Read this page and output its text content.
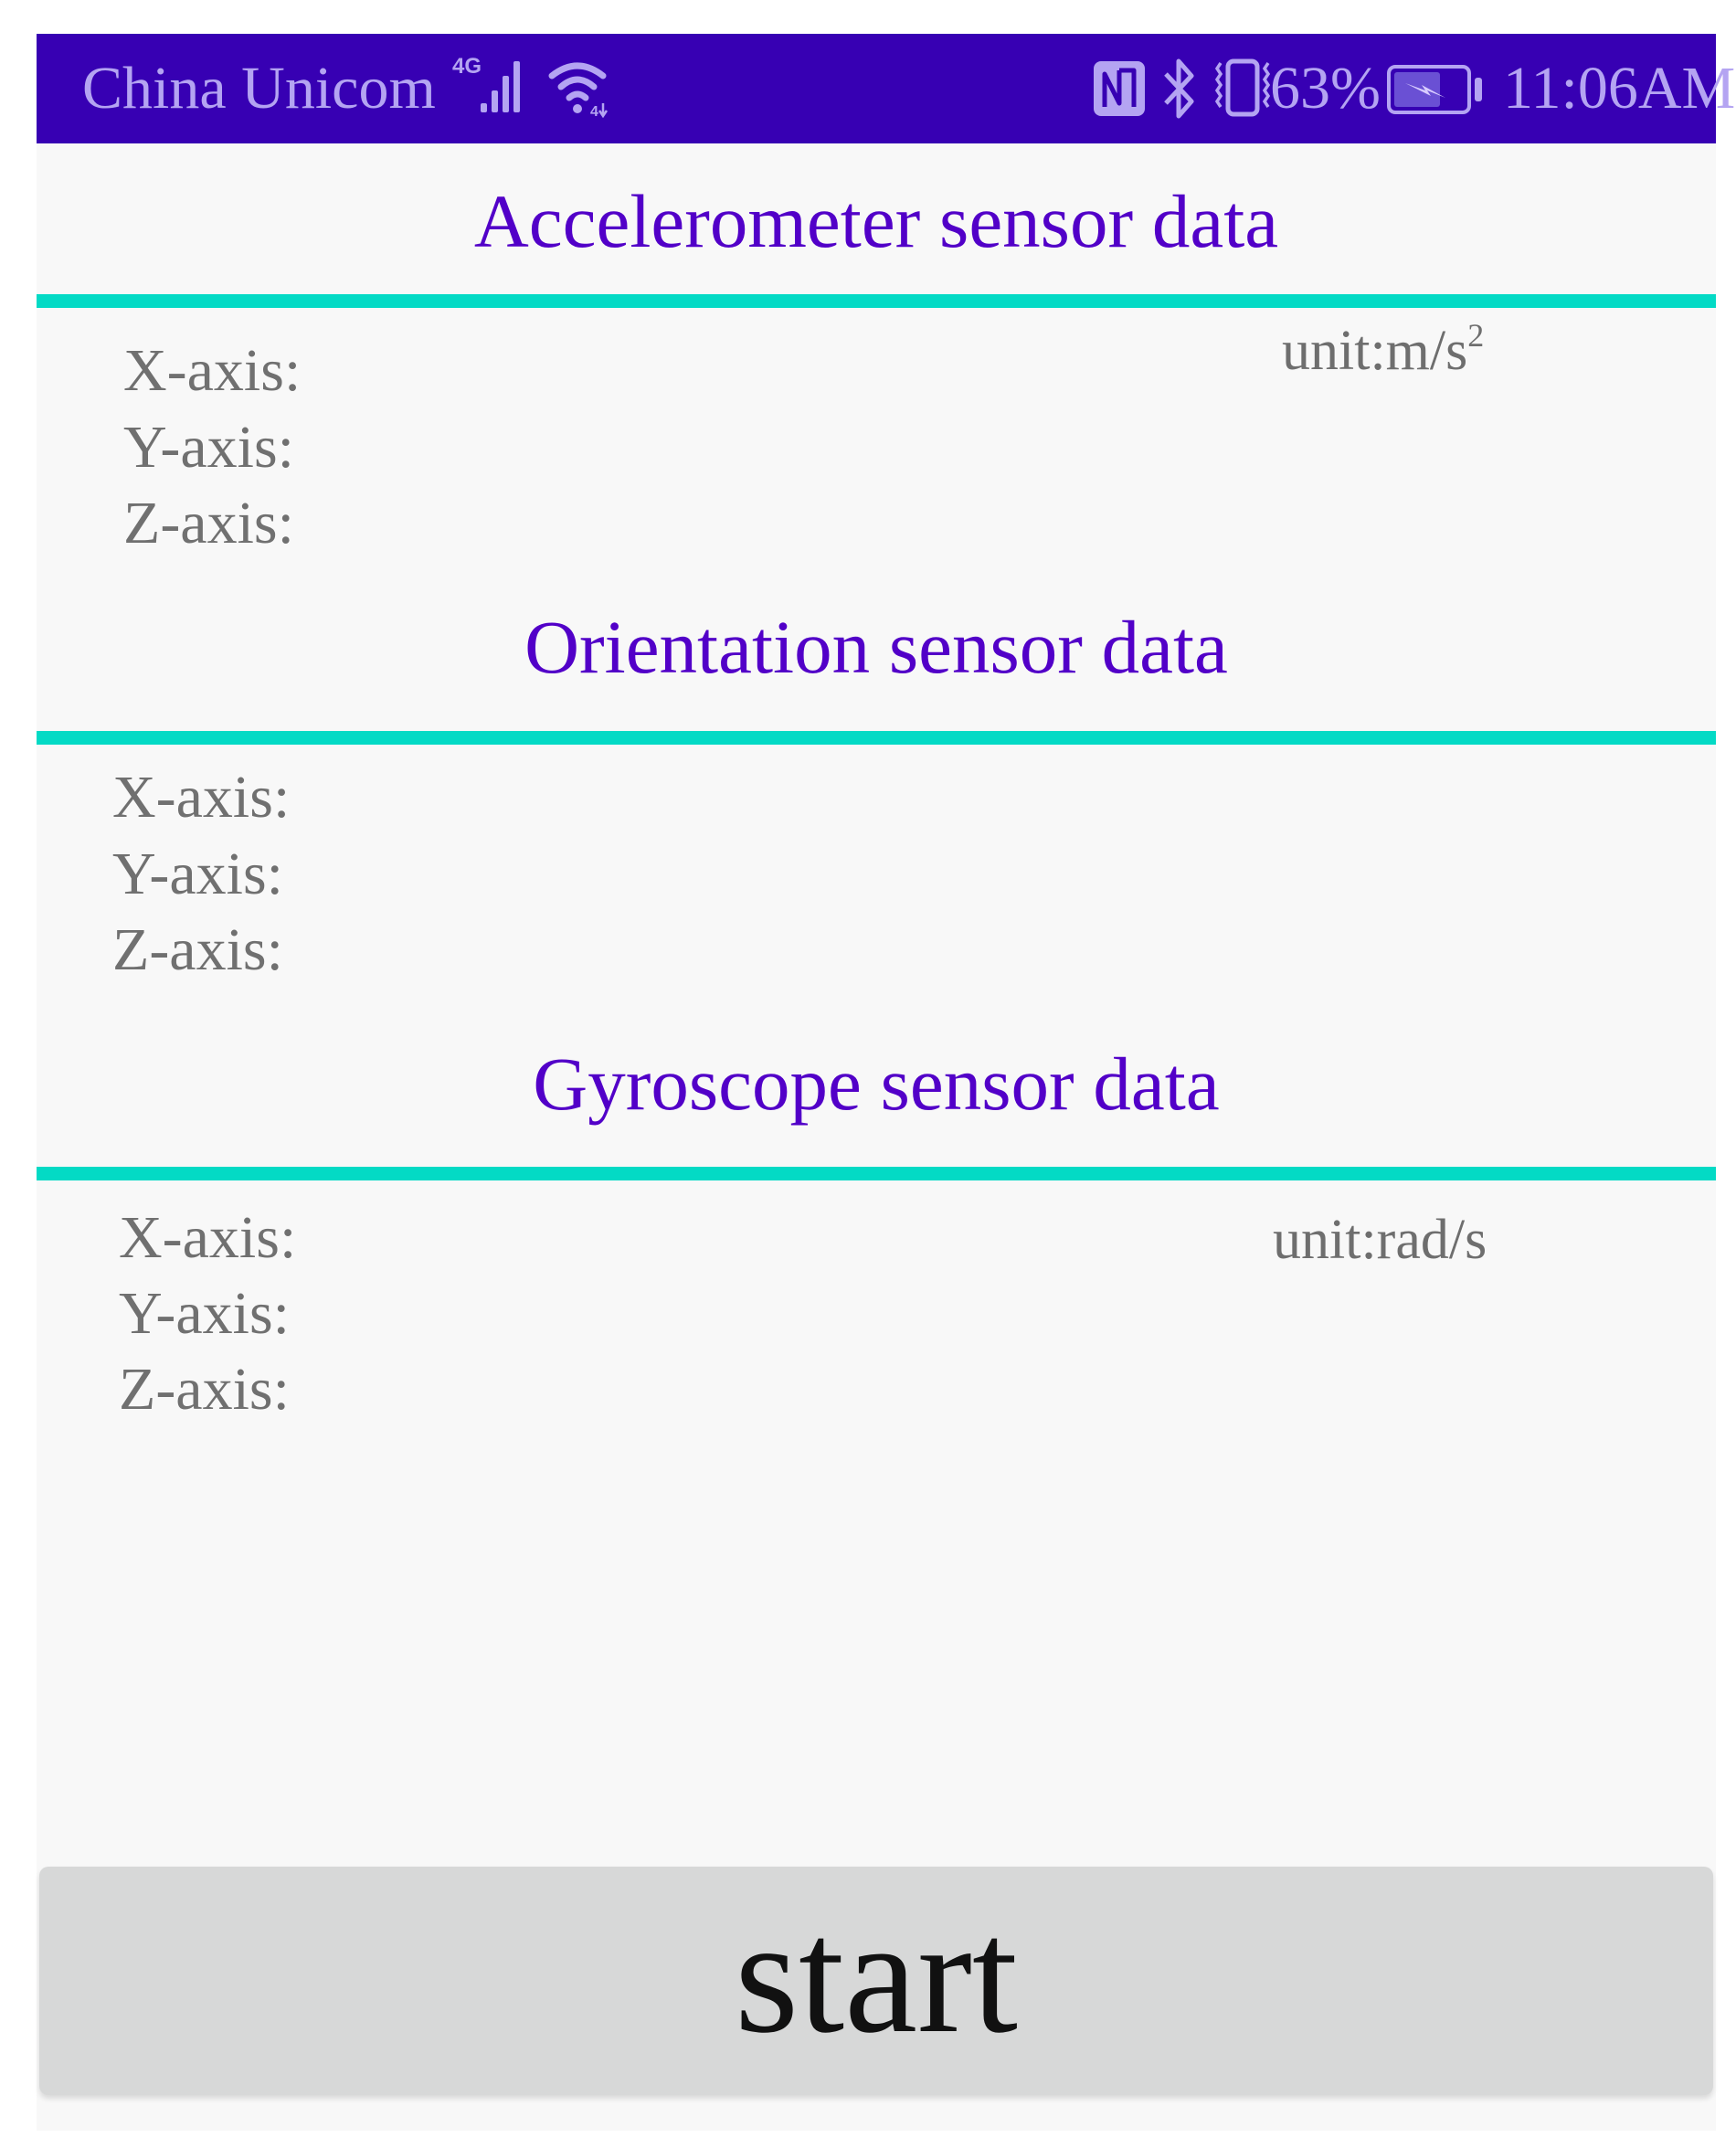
China Unicom 4G
4	63% 11:06AM
Accelerometer sensor data
$unit:m/s^2$
X-axis:
Y-axis:
Z-axis:
Orientation sensor data
X-axis:
Y-axis:
Z-axis:
Gyroscope sensor data
unit:rad/s
X-axis:
Y-axis:
Z-axis:
start
